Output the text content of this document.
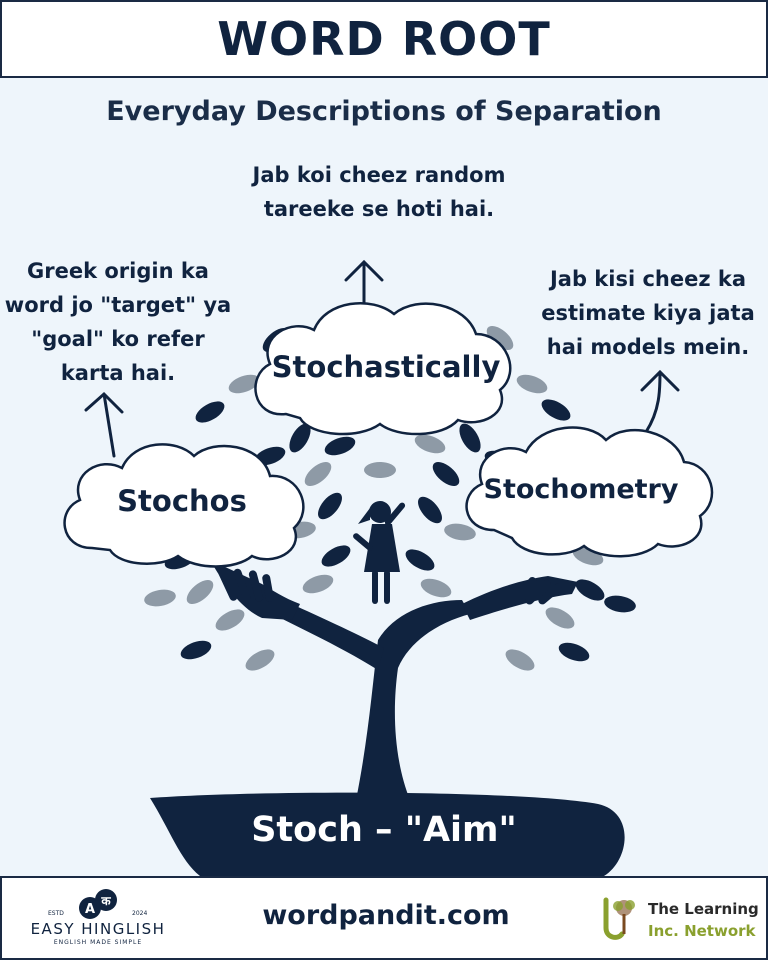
WORD ROOT
Everyday Descriptions of Separation
Jab koi cheez random tareeke se hoti hai.
Greek origin ka word jo "target" ya "goal" ko refer karta hai.
Jab kisi cheez ka estimate kiya jata hai models mein.
Stochos
Stochastically
Stochometry
Stoch – "Aim"
A
क
ESTD	2024
EASY HINGLISH
ENGLISH MADE SIMPLE
wordpandit.com	The Learning
Inc. Network
